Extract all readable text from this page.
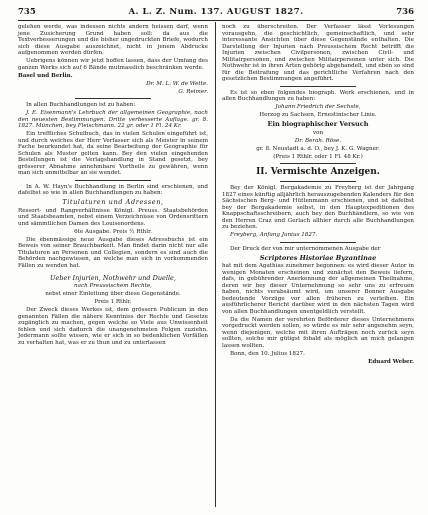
735	A. L. Z. Num. 137. AUGUST 1827.	736

gelehen werde, was indessen nichts andern heissen darf, wenn jene Zusicherung Grund haben soll: da aus die Textverbesserungen und die bisher ungedruckten Briefe, wodurch sich diese Ausgabe auszeichnet, nicht in jenem Abdrucke aufgenommen werden dürfen.

Uebrigens können wir jetzt hoffen lassen, dass der Umfang des ganzen Werks sich auf 6 Bände mutmasslich beschränken werde.

Basel und Berlin.

Dr. M. L. W. de Wette.

G. Reimer.

In allen Buchhandlungen ist zu haben:

J. E. Eisenmann's Lehrbuch der allgemeinen Geographie, nach den neuesten Bestimmungen. Dritte verbesserte Auflage. gr. 8. 1827. München, bey Fleischmann. 22 gr. oder 1 Fl. 24 Kr.

Ein treffliches Schulbuch, das in vielen Schulen eingeführt ist, und durch welches der Herr Verfasser sich als Meister in seinem Fache beurkundet hat, da seine Bearbeitung der Geographie für Schulen als Muster gelten kann. Bey den vielen eingehenden Bestellungen ist die Verlagshandlung in Stand gesetzt, bey grösserer Abnahme annehmbare Vortheile zu gewähren, wenn man sich unmittelbar an sie wendet.

In A. W. Hayn's Buchhandlung in Berlin sind erschienen, und dafelbst so wie in allen Buchhandlungen zu haben:

Titulaturen und Adressen,

Ressort- und Rangverhältnisse Königl. Preuss. Staatsbehörden und Staatsbeamten, nebst einem Verzeichnisse von Ordensrittern und sämmtlichen Damen des Louisenordens.

6te Ausgabe. Preis ½ Rthlr.

Die ebenmässige neue Ausgabe dieses Adressbuchs ist ein Beweis von seiner Brauchbarkeit. Man findet darin nicht nur alle Titulaturen an Personen und Collegien, sondern es sind auch die Behörden nachgewiesen, an welche man sich in vorkommenden Fällen zu wenden hat.

Ueber Injurien, Nothwehr und Duelle,

nach Preussischem Rechte,

nebst einer Einleitung über diese Gegenstände.

Preis 1 Rthlr.

Der Zweck dieses Werkes ist, dem grössern Publicum in den genannten Fällen die nähere Kenntniss der Rechte und Gesetze zugänglich zu machen, gegen welche so Viele aus Unwissenheit fehlen und sich dadurch die unangenehmsten Folgen zuziehn. Jedermann sollte wissen, wie er sich in so bedenklichen Vorfällen zu verhalten hat, was er zu thun und zu unterlassen

noch zu überschreiten. Der Verfasser lässt Vorlesungen vorausgehn, die geschichtlich, gemeinschaftlich, und sehr interessante Ansichten über diese Gegenstände enthalten. Die Darstellung der Injurien nach Preussischem Recht betrifft die Injurien zwischen Civilpersonen, zwischen Civil- und Militairpersonen, und zwischen Militairpersonen unter sich. Die Nothwehr ist in ihren Arten gehörig abgehandelt, und eben so sind für die Beitrafung und das gerichtliche Verfahren nach den gesetzlichen Bestimmungen angeführt.

Es ist so eben folgendes biograph. Werk erschienen, und in allen Buchhandlungen zu haben:

Johann Friedrich der Sechste,

Herzog zu Sachsen, Ernestinischer Linie.

Ein biographischer Versuch

von

Dr. Berah. Röse.

gr. 8. Neustadt a. d. O., bey J. K. G. Wagner.

(Preis 1 Rthlr. oder 1 Fl. 48 Kr.)

II. Vermischte Anzeigen.

Bey der Königl. Bergakademie zu Freyberg ist der Jahrgang 1827 eines künftig alljährlich herauszugebenden Kalenders für den Sächsischen Berg- und Hüttenmann erschienen, und ist dafelbst bey der Bergakademie selbst, in den Hauptexpeditionen des Knappschaftsschreibern, auch bey den Buchhändlern, so wie von den Herren Craz und Gerlach allhier durch alle Buchhandlungen zu beziehen.

Freyberg, Anfang Junius 1827.

Der Druck der von mir unternommenen Ausgabe der

Scriptores Historiae Byzantinae

hat mit dem Agathias zunehmer begonnen: es wird dieser Autor in wenigen Monaten erscheinen und zunächst den Beweis liefern, dafs, in gebührender Anerkennung der allgemeinen Theilnahme, deren wir bey dieser Unternehmung so sehr uns zu erfreuen haben, nichts verabsäumt wird, um unserer Bonner Ausgabe bedeutende Vorzüge vor allen früheren zu verleihen. Ein ausführlicherer Bericht darüber wird in den nächsten Tagen wird von allen Buchhandlungen unentgeldlich verstellt.

Da die Namen der verehrten Beförderer dieses Unternehmens vorgedruckt werden sollen, so würde es mir sehr angenehm seyn, wenn diejenigen, welche mit ihren Aufträgen noch zurück seyn sollten, solche mir gütigst fobald als möglich an mich gelangen lassen wollten.

Bonn, den 10. Julius 1827.

Eduard Weber.
